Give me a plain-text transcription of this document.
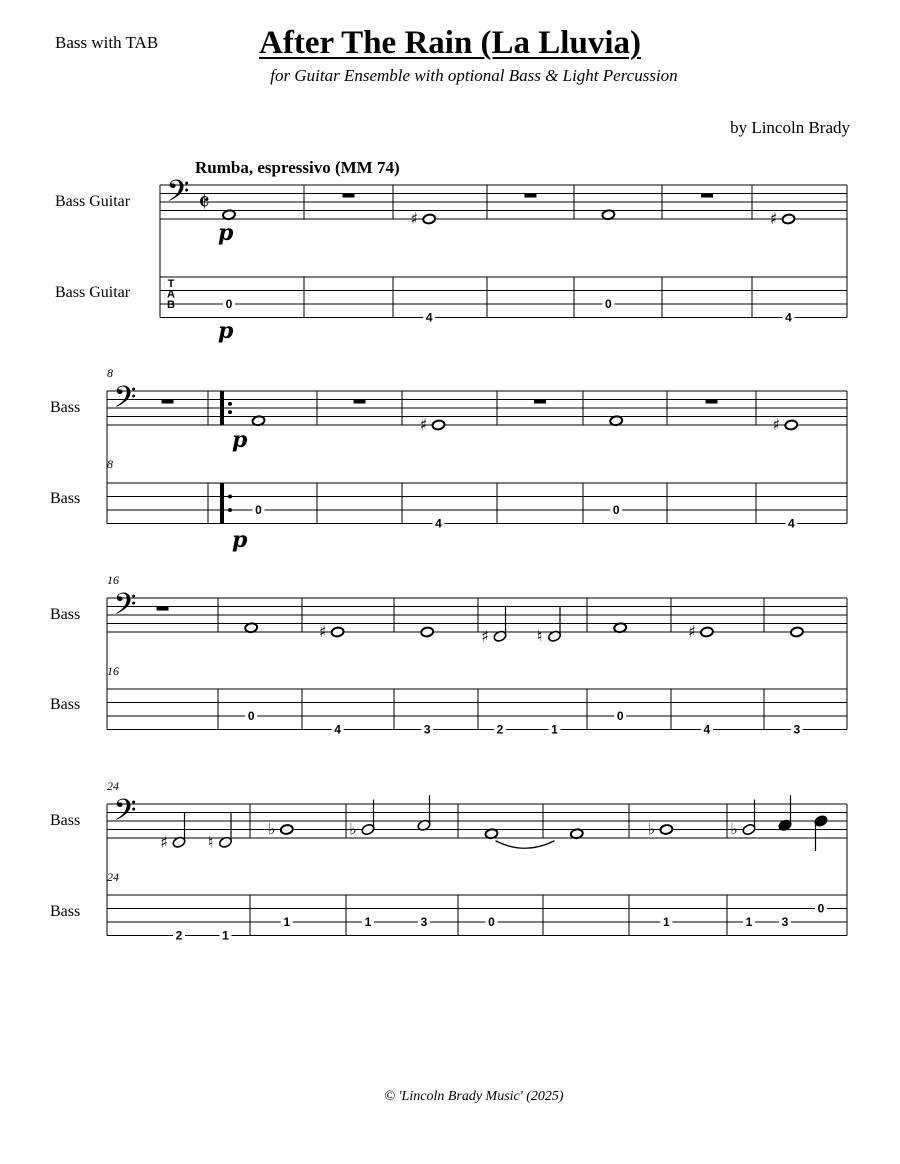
Bass with TAB	After The Rain (La Lluvia)
for Guitar Ensemble with optional Bass & Light Percussion
by Lincoln Brady
© 'Lincoln Brady Music' (2025)
Bass Guitar
Bass Guitar
𝄢
T
A
B
𝄵
Rumba, espressivo (MM 74)
0
p
p
♯
4
0
♯
4
Bass
Bass
8
8
𝄢
0
p
p
♯
4
0
♯
4
Bass
Bass
16
16
𝄢
0
♯
4	3
♯
2
♮
1
0
♯
4	3
Bass
Bass
24
24
𝄢
♯
2
♮
1
♭
1
♭
1	3	0
♭
1
♭
1 3
0
